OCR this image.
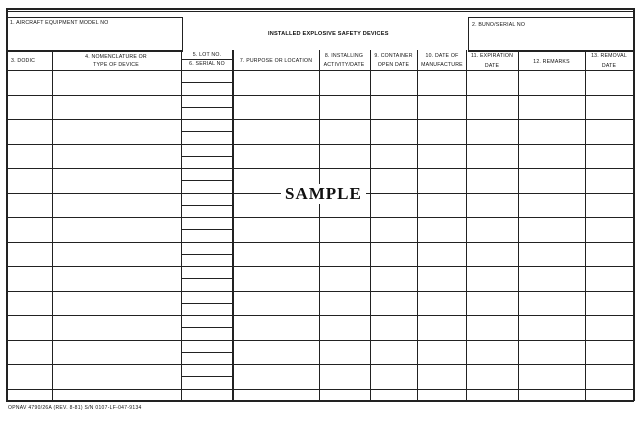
1. AIRCRAFT EQUIPMENT MODEL NO	2. BUNO/SERIAL NO
INSTALLED EXPLOSIVE SAFETY DEVICES
3. DODIC
4. NOMENCLATURE OR
TYPE OF DEVICE
5. LOT NO.
6. SERIAL NO	7. PURPOSE OR LOCATION
8. INSTALLING
ACTIVITY/DATE
9. CONTAINER
OPEN DATE
10. DATE OF
MANUFACTURE
11. EXPIRATION
DATE
12. REMARKS
13. REMOVAL
DATE
SAMPLE
OPNAV 4790/26A (REV. 8-81) S/N 0107-LF-047-9134
